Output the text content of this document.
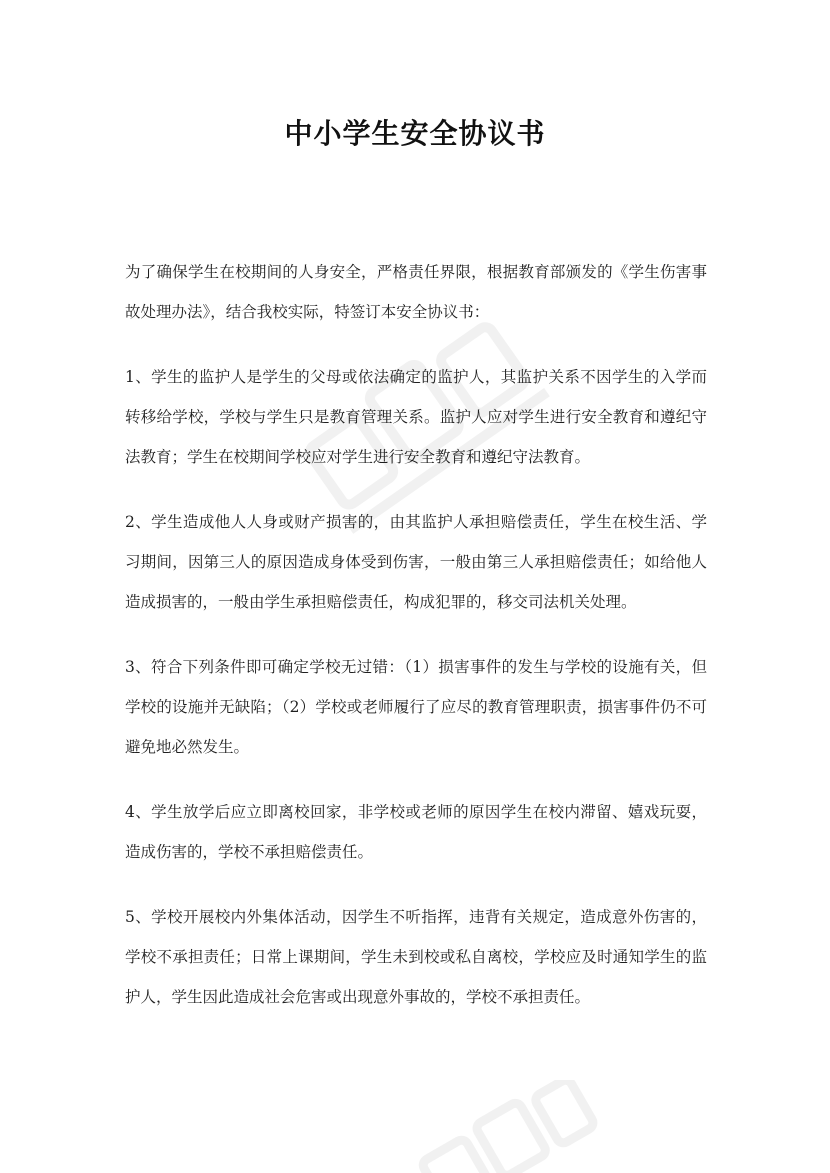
中小学生安全协议书

为了确保学生在校期间的人身安全，严格责任界限，根据教育部颁发的《学生伤害事故处理办法》，结合我校实际，特签订本安全协议书：

1、学生的监护人是学生的父母或依法确定的监护人，其监护关系不因学生的入学而转移给学校，学校与学生只是教育管理关系。监护人应对学生进行安全教育和遵纪守法教育；学生在校期间学校应对学生进行安全教育和遵纪守法教育。

2、学生造成他人人身或财产损害的，由其监护人承担赔偿责任，学生在校生活、学习期间，因第三人的原因造成身体受到伤害，一般由第三人承担赔偿责任；如给他人造成损害的，一般由学生承担赔偿责任，构成犯罪的，移交司法机关处理。

3、符合下列条件即可确定学校无过错：（1）损害事件的发生与学校的设施有关，但学校的设施并无缺陷；（2）学校或老师履行了应尽的教育管理职责，损害事件仍不可避免地必然发生。

4、学生放学后应立即离校回家，非学校或老师的原因学生在校内滞留、嬉戏玩耍，造成伤害的，学校不承担赔偿责任。

5、学校开展校内外集体活动，因学生不听指挥，违背有关规定，造成意外伤害的，学校不承担责任；日常上课期间，学生未到校或私自离校，学校应及时通知学生的监护人，学生因此造成社会危害或出现意外事故的，学校不承担责任。
